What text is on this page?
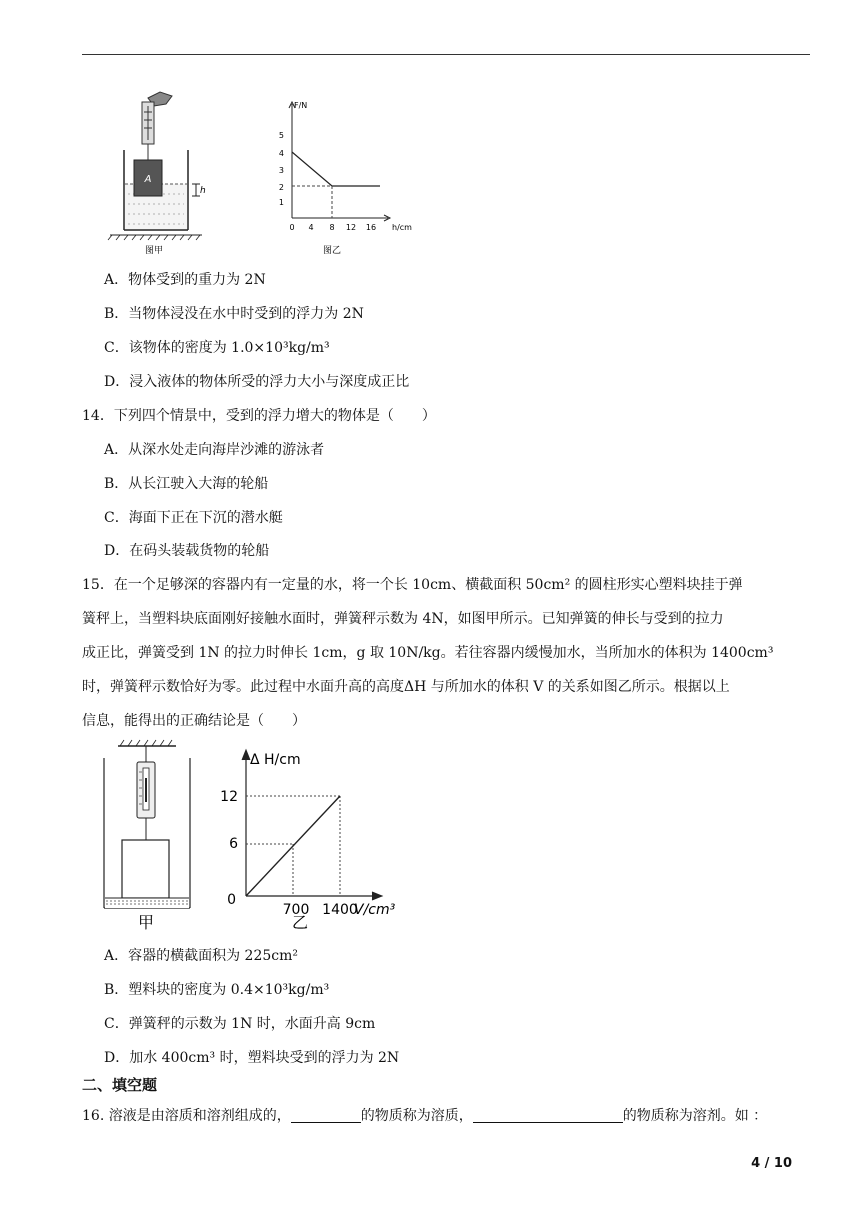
A
h
图甲
F/N
h/cm
5
4
3
2
1
0 4 8 12 16
图乙
A．物体受到的重力为 2N
B．当物体浸没在水中时受到的浮力为 2N
C．该物体的密度为 1.0×10³kg/m³
D．浸入液体的物体所受的浮力大小与深度成正比
14．下列四个情景中，受到的浮力增大的物体是（　　）
A．从深水处走向海岸沙滩的游泳者
B．从长江驶入大海的轮船
C．海面下正在下沉的潜水艇
D．在码头装载货物的轮船
15．在一个足够深的容器内有一定量的水，将一个长 10cm、横截面积 50cm² 的圆柱形实心塑料块挂于弹
簧秤上，当塑料块底面刚好接触水面时，弹簧秤示数为 4N，如图甲所示。已知弹簧的伸长与受到的拉力
成正比，弹簧受到 1N 的拉力时伸长 1cm，g 取 10N/kg。若往容器内缓慢加水，当所加水的体积为 1400cm³
时，弹簧秤示数恰好为零。此过程中水面升高的高度ΔH 与所加水的体积 V 的关系如图乙所示。根据以上
信息，能得出的正确结论是（　　）
甲
Δ H/cm
V/cm³
0
12
6
700 1400
乙
A．容器的横截面积为 225cm²
B．塑料块的密度为 0.4×10³kg/m³
C．弹簧秤的示数为 1N 时，水面升高 9cm
D．加水 400cm³ 时，塑料块受到的浮力为 2N
二、填空题
16. 溶液是由溶质和溶剂组成的，	的物质称为溶质，	的物质称为溶剂。如 ：
4 / 10
